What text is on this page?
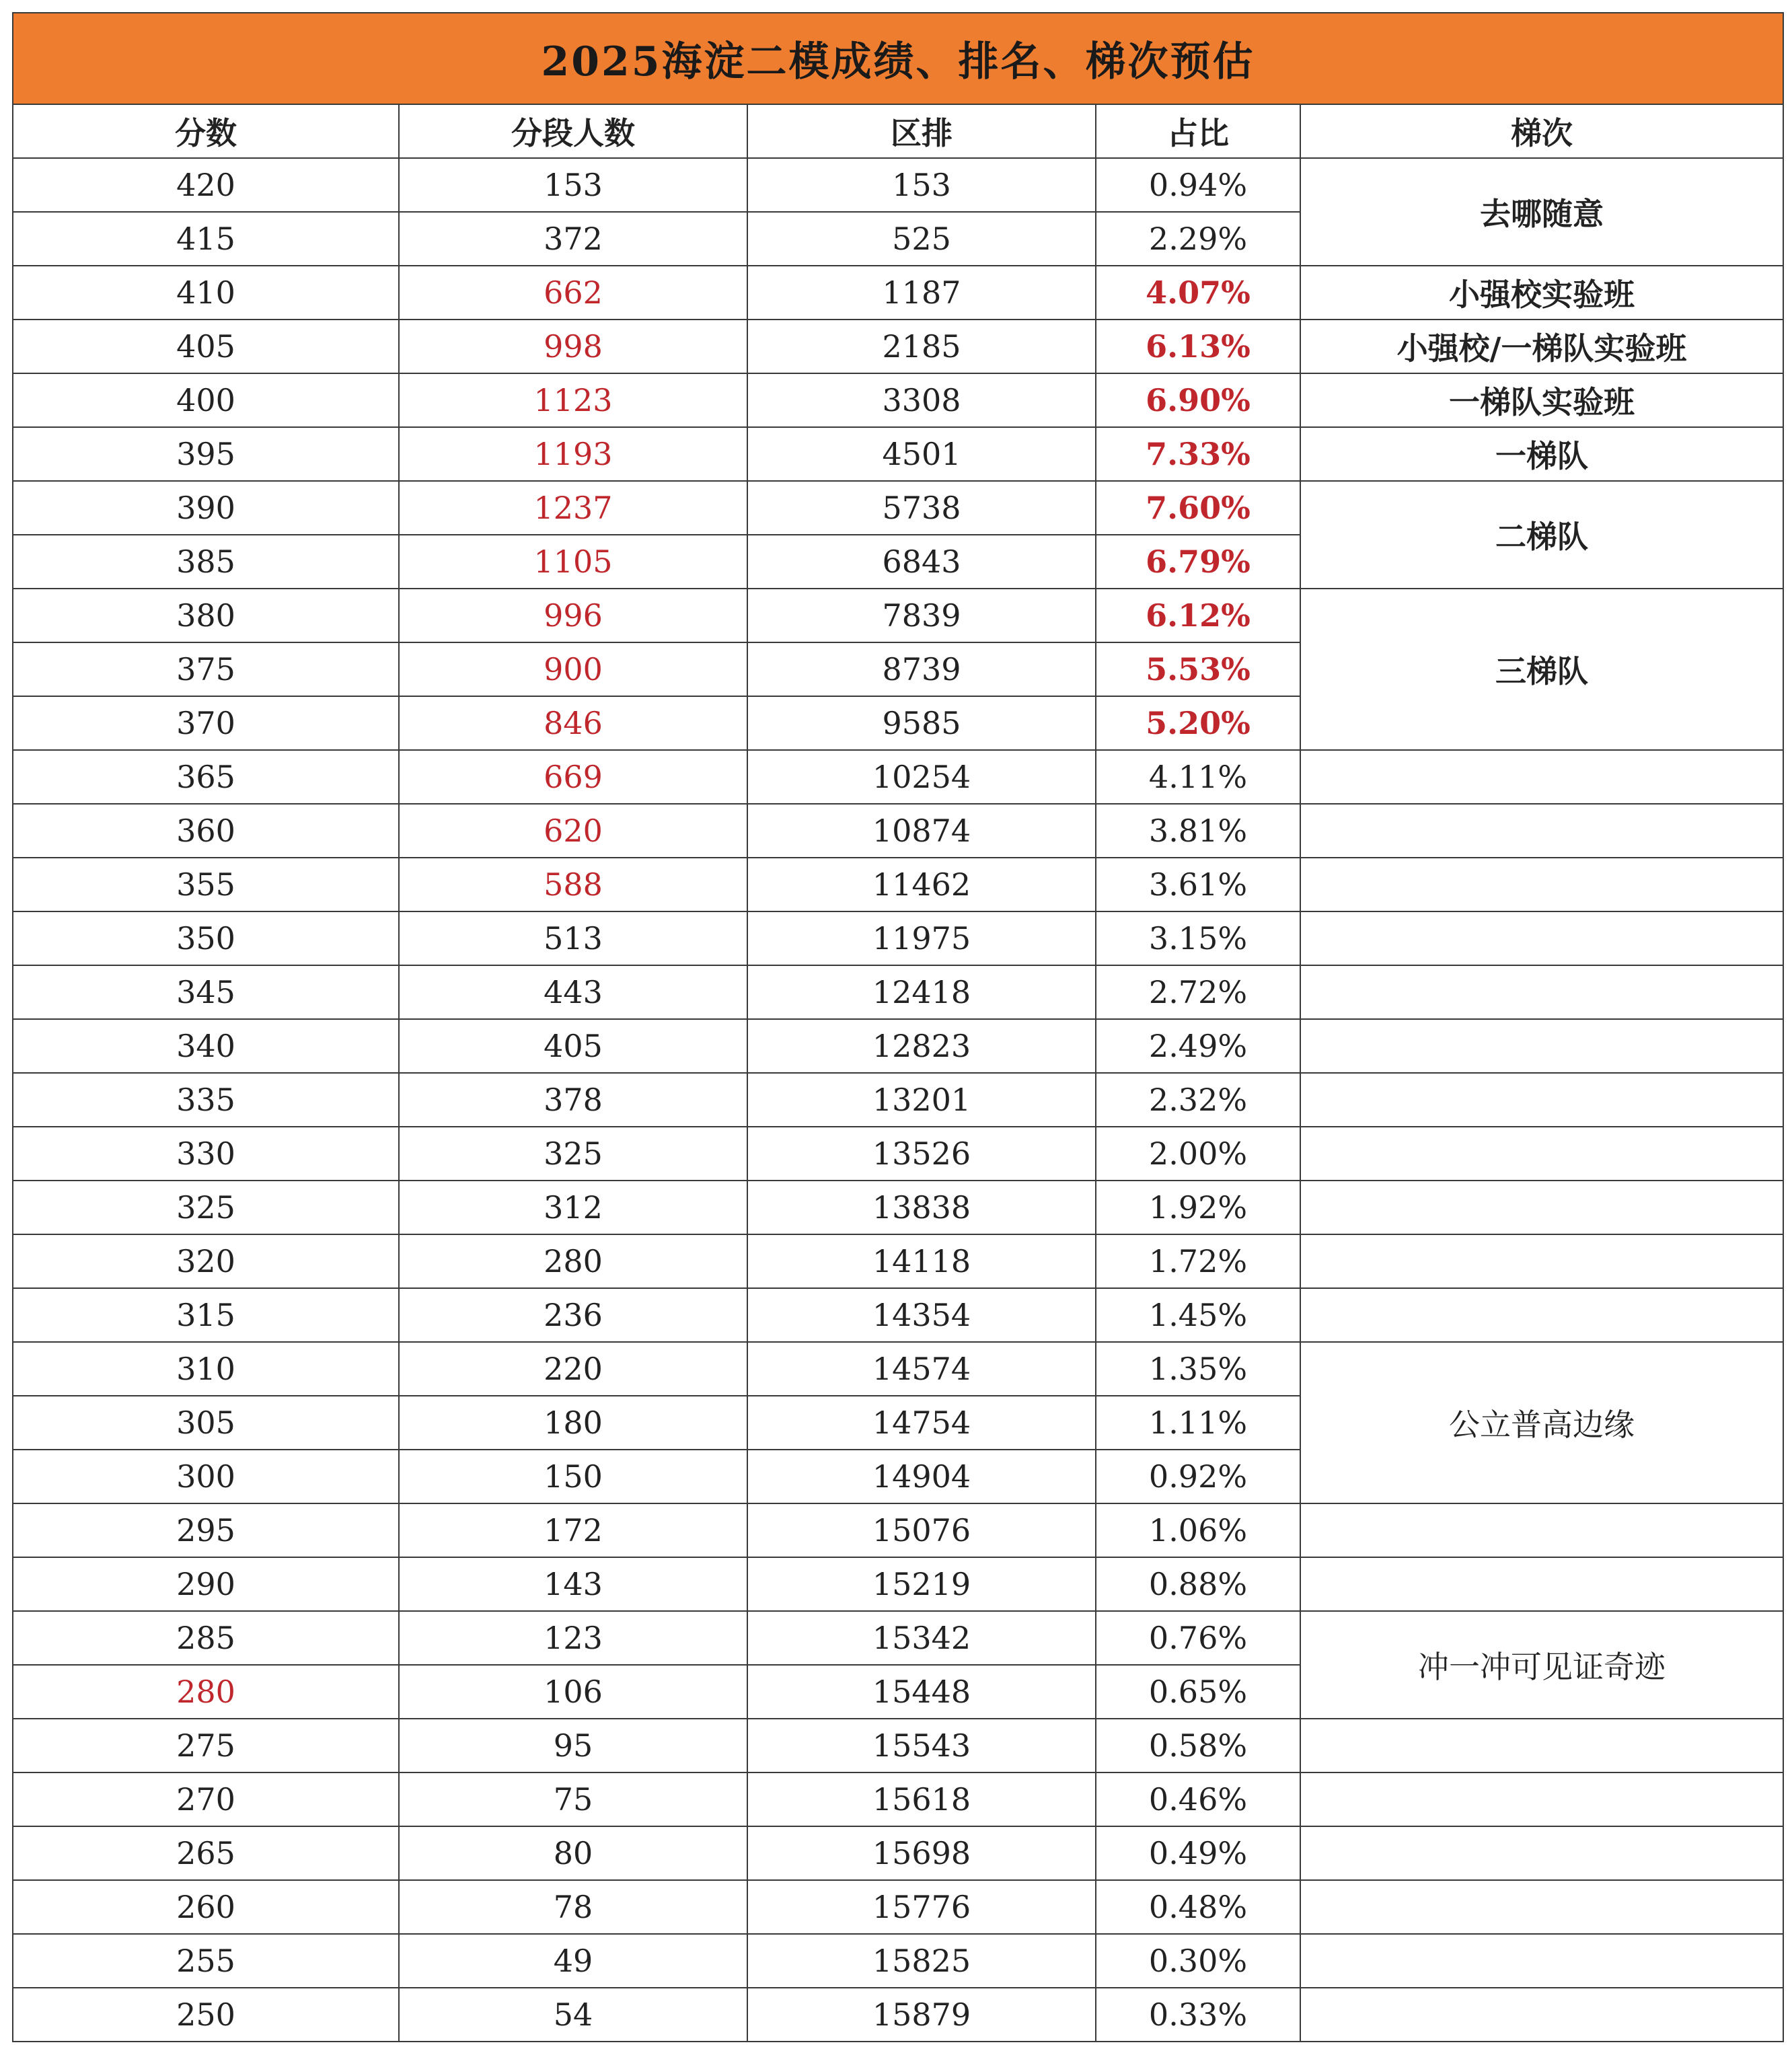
2025海淀二模成绩、排名、梯次预估				
分数	分段人数	区排	占比	梯次
420	153	153	0.94%	去哪随意
415	372	525	2.29%	
410	662	1187	4.07%	小强校实验班
405	998	2185	6.13%	小强校/一梯队实验班
400	1123	3308	6.90%	一梯队实验班
395	1193	4501	7.33%	一梯队
390	1237	5738	7.60%	二梯队
385	1105	6843	6.79%	
380	996	7839	6.12%	三梯队
375	900	8739	5.53%	
370	846	9585	5.20%	
365	669	10254	4.11%	
360	620	10874	3.81%	
355	588	11462	3.61%	
350	513	11975	3.15%	
345	443	12418	2.72%	
340	405	12823	2.49%	
335	378	13201	2.32%	
330	325	13526	2.00%	
325	312	13838	1.92%	
320	280	14118	1.72%	
315	236	14354	1.45%	
310	220	14574	1.35%	公立普高边缘
305	180	14754	1.11%	
300	150	14904	0.92%	
295	172	15076	1.06%	
290	143	15219	0.88%	
285	123	15342	0.76%	冲一冲可见证奇迹
280	106	15448	0.65%	
275	95	15543	0.58%	
270	75	15618	0.46%	
265	80	15698	0.49%	
260	78	15776	0.48%	
255	49	15825	0.30%	
250	54	15879	0.33%	
